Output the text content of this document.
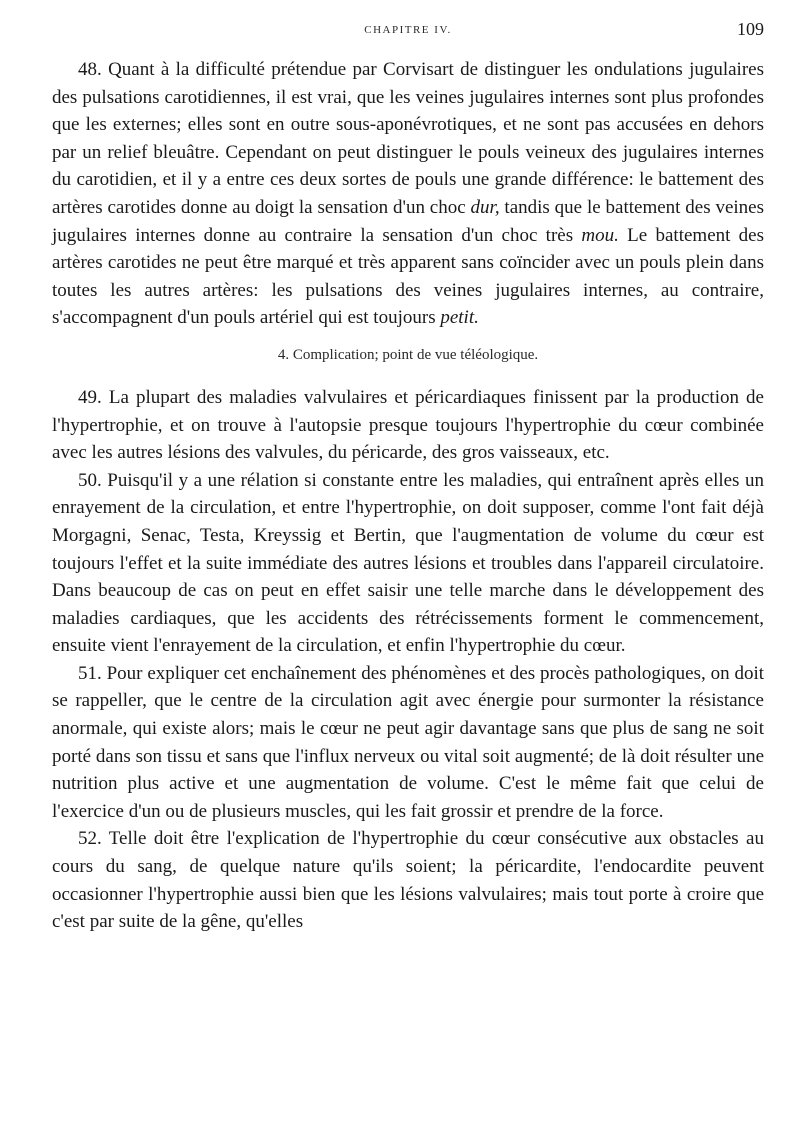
CHAPITRE IV.	109

48. Quant à la difficulté prétendue par Corvisart de distinguer les ondulations jugulaires des pulsations carotidiennes, il est vrai, que les veines jugulaires internes sont plus profondes que les externes; elles sont en outre sous-aponévrotiques, et ne sont pas accusées en dehors par un relief bleuâtre. Cependant on peut distinguer le pouls veineux des jugulaires internes du carotidien, et il y a entre ces deux sortes de pouls une grande différence: le battement des artères carotides donne au doigt la sensation d'un choc dur, tandis que le battement des veines jugulaires internes donne au contraire la sensation d'un choc très mou. Le battement des artères carotides ne peut être marqué et très apparent sans coïncider avec un pouls plein dans toutes les autres artères: les pulsations des veines jugulaires internes, au contraire, s'accompagnent d'un pouls artériel qui est toujours petit.

4. Complication; point de vue téléologique.

49. La plupart des maladies valvulaires et péricardiaques finissent par la production de l'hypertrophie, et on trouve à l'autopsie presque toujours l'hypertrophie du cœur combinée avec les autres lésions des valvules, du péricarde, des gros vaisseaux, etc.

50. Puisqu'il y a une rélation si constante entre les maladies, qui entraînent après elles un enrayement de la circulation, et entre l'hypertrophie, on doit supposer, comme l'ont fait déjà Morgagni, Senac, Testa, Kreyssig et Bertin, que l'augmentation de volume du cœur est toujours l'effet et la suite immédiate des autres lésions et troubles dans l'appareil circulatoire. Dans beaucoup de cas on peut en effet saisir une telle marche dans le développement des maladies cardiaques, que les accidents des rétrécissements forment le commencement, ensuite vient l'enrayement de la circulation, et enfin l'hypertrophie du cœur.

51. Pour expliquer cet enchaînement des phénomènes et des procès pathologiques, on doit se rappeller, que le centre de la circulation agit avec énergie pour surmonter la résistance anormale, qui existe alors; mais le cœur ne peut agir davantage sans que plus de sang ne soit porté dans son tissu et sans que l'influx nerveux ou vital soit augmenté; de là doit résulter une nutrition plus active et une augmentation de volume. C'est le même fait que celui de l'exercice d'un ou de plusieurs muscles, qui les fait grossir et prendre de la force.

52. Telle doit être l'explication de l'hypertrophie du cœur consécutive aux obstacles au cours du sang, de quelque nature qu'ils soient; la péricardite, l'endocardite peuvent occasionner l'hypertrophie aussi bien que les lésions valvulaires; mais tout porte à croire que c'est par suite de la gêne, qu'elles
